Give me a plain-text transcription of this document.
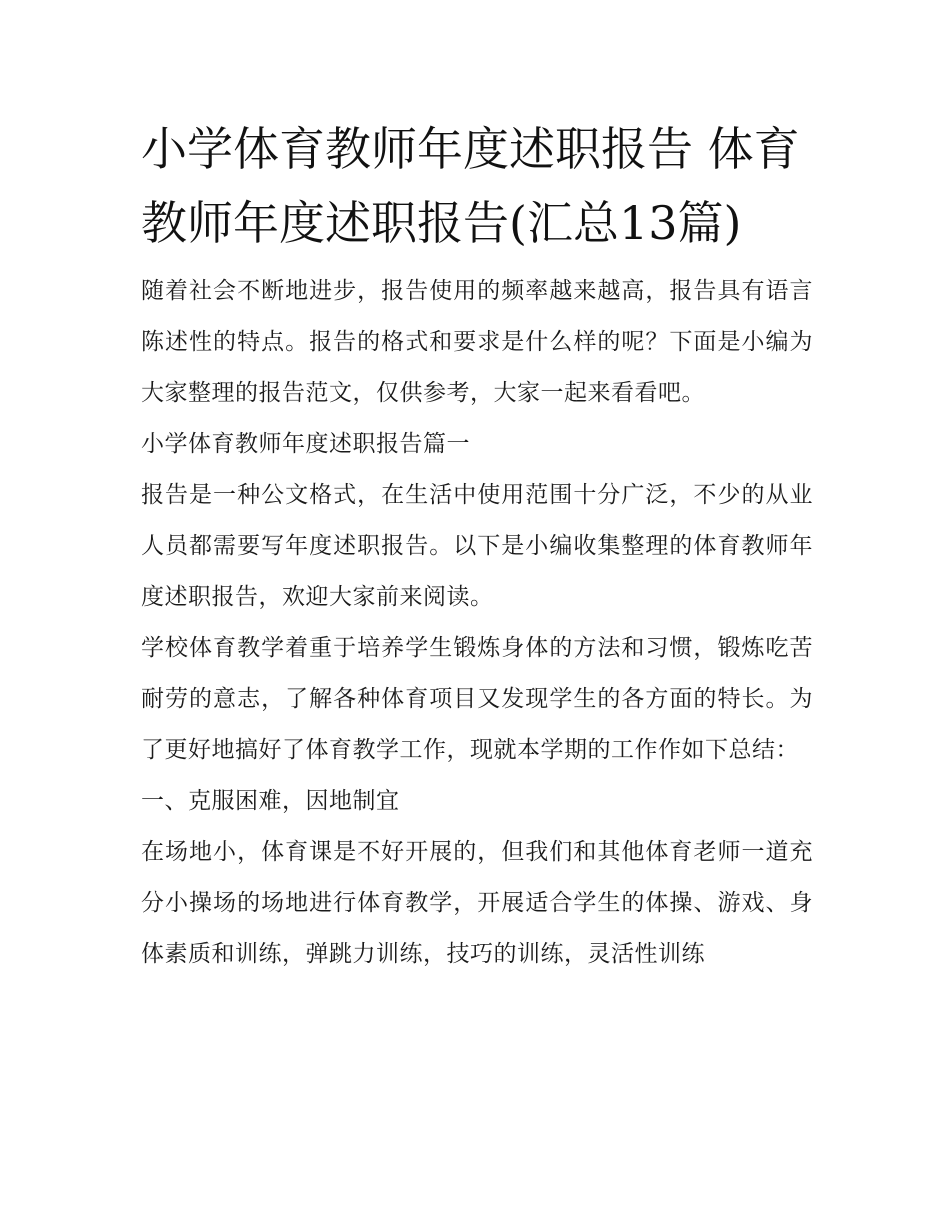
小学体育教师年度述职报告 体育教师年度述职报告(汇总13篇)

随着社会不断地进步，报告使用的频率越来越高，报告具有语言陈述性的特点。报告的格式和要求是什么样的呢？下面是小编为大家整理的报告范文，仅供参考，大家一起来看看吧。

小学体育教师年度述职报告篇一

报告是一种公文格式，在生活中使用范围十分广泛，不少的从业人员都需要写年度述职报告。以下是小编收集整理的体育教师年度述职报告，欢迎大家前来阅读。

学校体育教学着重于培养学生锻炼身体的方法和习惯，锻炼吃苦耐劳的意志，了解各种体育项目又发现学生的各方面的特长。为了更好地搞好了体育教学工作，现就本学期的工作作如下总结：

一、克服困难，因地制宜

在场地小，体育课是不好开展的，但我们和其他体育老师一道充分小操场的场地进行体育教学，开展适合学生的体操、游戏、身体素质和训练，弹跳力训练，技巧的训练，灵活性训练
